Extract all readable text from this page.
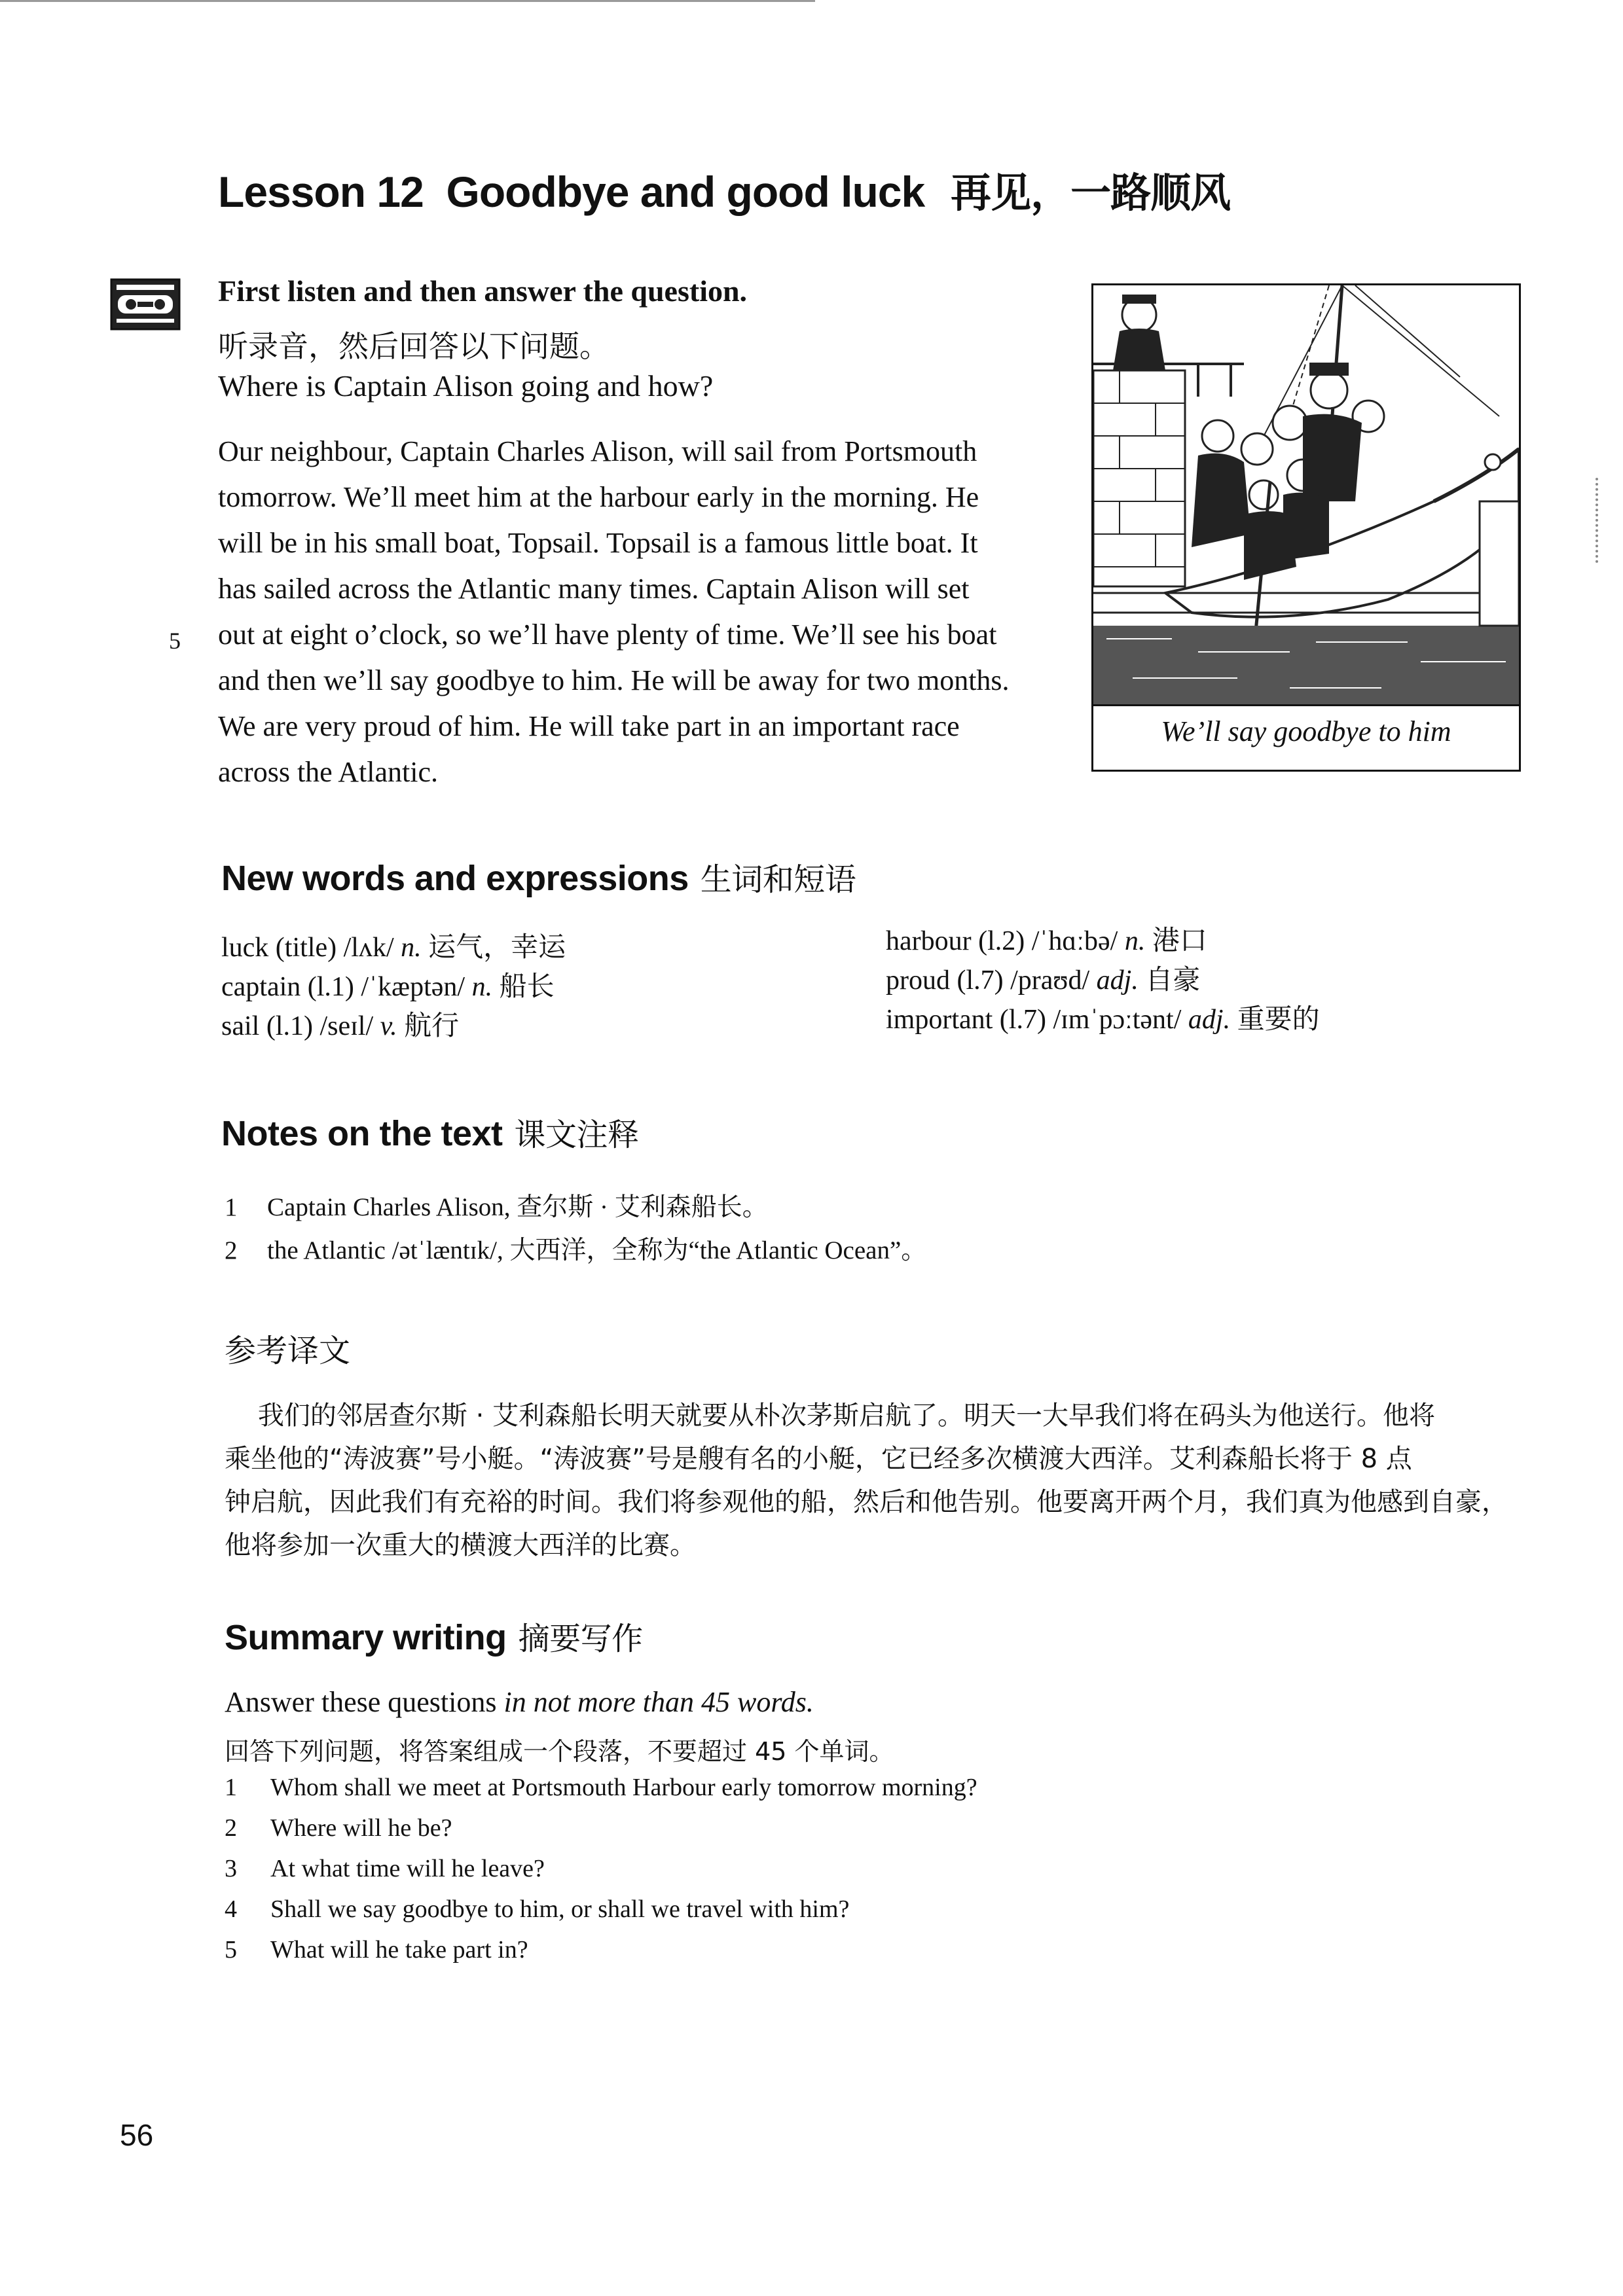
Lesson 12  Goodbye and good luck 再见，一路顺风
First listen and then answer the question.
听录音，然后回答以下问题。
Where is Captain Alison going and how?
Our neighbour, Captain Charles Alison, will sail from Portsmouth
tomorrow. We’ll meet him at the harbour early in the morning. He
will be in his small boat, Topsail. Topsail is a famous little boat. It
has sailed across the Atlantic many times. Captain Alison will set
out at eight o’clock, so we’ll have plenty of time. We’ll see his boat
and then we’ll say goodbye to him. He will be away for two months.
We are very proud of him. He will take part in an important race
across the Atlantic.
5
We’ll say goodbye to him
New words and expressions 生词和短语
luck (title) /lʌk/ n. 运气，幸运
captain (l.1) /ˈkæptən/ n. 船长
sail (l.1) /seɪl/ v. 航行
harbour (l.2) /ˈhɑːbə/ n. 港口
proud (l.7) /praʊd/ adj. 自豪
important (l.7) /ɪmˈpɔːtənt/ adj. 重要的
Notes on the text 课文注释
1 Captain Charles Alison, 查尔斯 · 艾利森船长。
2 the Atlantic /ətˈlæntɪk/, 大西洋，全称为“the Atlantic Ocean”。
参考译文
我们的邻居查尔斯 · 艾利森船长明天就要从朴次茅斯启航了。明天一大早我们将在码头为他送行。他将
乘坐他的“涛波赛”号小艇。“涛波赛”号是艘有名的小艇，它已经多次横渡大西洋。艾利森船长将于 8 点
钟启航，因此我们有充裕的时间。我们将参观他的船，然后和他告别。他要离开两个月，我们真为他感到自豪，
他将参加一次重大的横渡大西洋的比赛。
Summary writing 摘要写作
Answer these questions in not more than 45 words.
回答下列问题，将答案组成一个段落，不要超过 45 个单词。
1 Whom shall we meet at Portsmouth Harbour early tomorrow morning?
2 Where will he be?
3 At what time will he leave?
4 Shall we say goodbye to him, or shall we travel with him?
5 What will he take part in?
56
